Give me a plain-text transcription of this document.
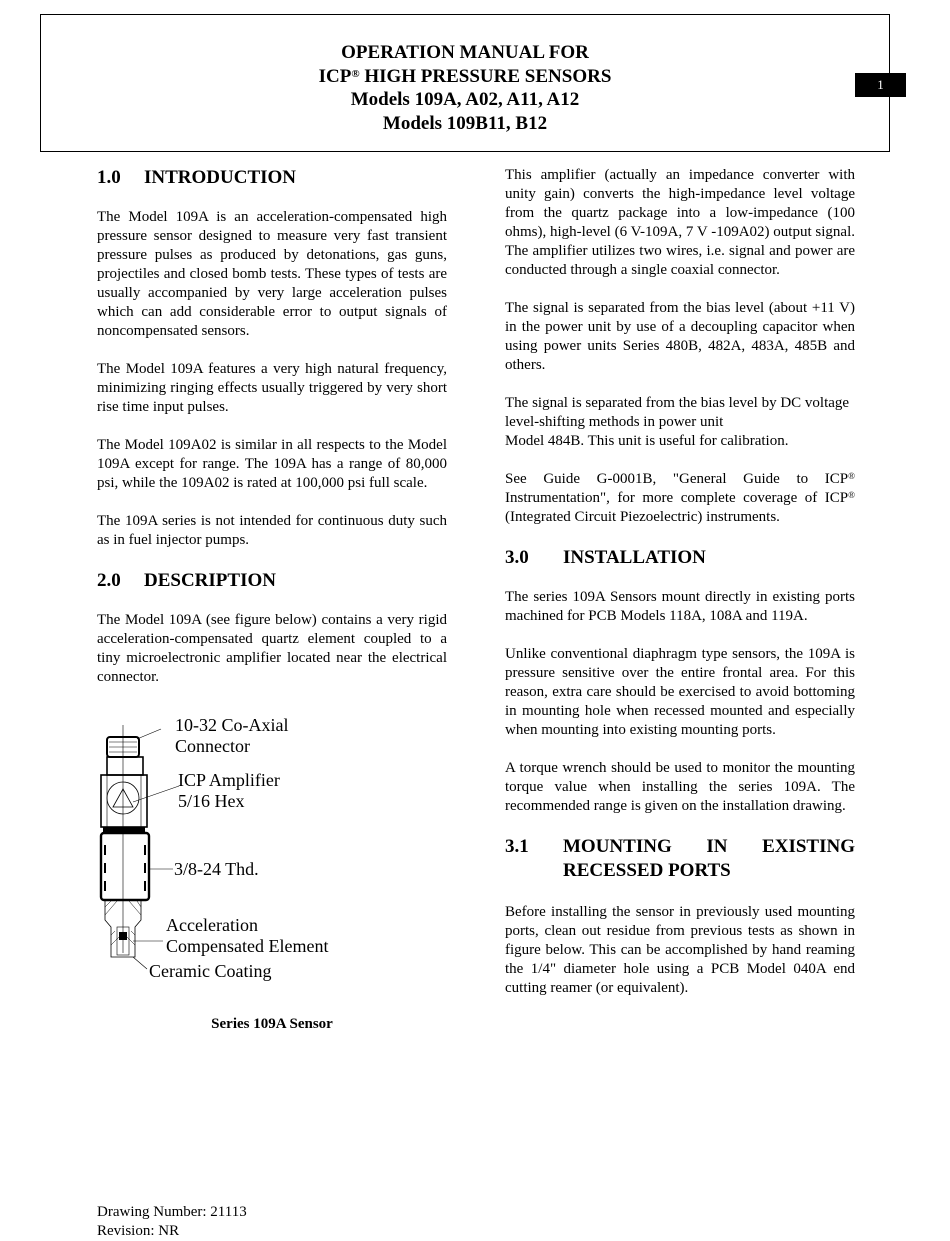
OPERATION MANUAL FOR
ICP® HIGH PRESSURE SENSORS
Models 109A, A02, A11, A12
Models 109B11, B12
1
1.0	INTRODUCTION

The Model 109A is an acceleration-compensated high pressure sensor designed to measure very fast transient pressure pulses as produced by detonations, gas guns, projectiles and closed bomb tests. These types of tests are usually accompanied by very large acceleration pulses which can add considerable error to output signals of noncompensated sensors.

The Model 109A features a very high natural frequency, minimizing ringing effects usually triggered by very short rise time input pulses.

The Model 109A02 is similar in all respects to the Model 109A except for range. The 109A has a range of 80,000 psi, while the 109A02 is rated at 100,000 psi full scale.

The 109A series is not intended for continuous duty such as in fuel injector pumps.

2.0	DESCRIPTION

The Model 109A (see figure below) contains a very rigid acceleration-compensated quartz element coupled to a tiny microelectronic amplifier located near the electrical connector.

10-32 Co-Axial
Connector
ICP Amplifier
5/16 Hex
3/8-24 Thd.
Acceleration
Compensated Element
Ceramic Coating
Series 109A Sensor

This amplifier (actually an impedance converter with unity gain) converts the high-impedance level voltage from the quartz package into a low-impedance (100 ohms), high-level (6 V-109A, 7 V -109A02) output signal. The amplifier utilizes two wires, i.e. signal and power are conducted through a single coaxial connector.

The signal is separated from the bias level (about +11 V) in the power unit by use of a decoupling capacitor when using power units Series 480B, 482A, 483A, 485B and others.

The signal is separated from the bias level by DC voltage level-shifting methods in power unit
Model 484B. This unit is useful for calibration.

See Guide G-0001B, "General Guide to ICP® Instrumentation", for more complete coverage of ICP® (Integrated Circuit Piezoelectric) instruments.

3.0	INSTALLATION

The series 109A Sensors mount directly in existing ports machined for PCB Models 118A, 108A and 119A.

Unlike conventional diaphragm type sensors, the 109A is pressure sensitive over the entire frontal area. For this reason, extra care should be exercised to avoid bottoming in mounting hole when recessed mounted and especially when mounting into existing mounting ports.

A torque wrench should be used to monitor the mounting torque value when installing the series 109A. The recommended range is given on the installation drawing.

3.1	MOUNTING IN EXISTING RECESSED PORTS

Before installing the sensor in previously used mounting ports, clean out residue from previous tests as shown in figure below. This can be accomplished by hand reaming the 1/4" diameter hole using a PCB Model 040A end cutting reamer (or equivalent).

Drawing Number: 21113
Revision: NR
